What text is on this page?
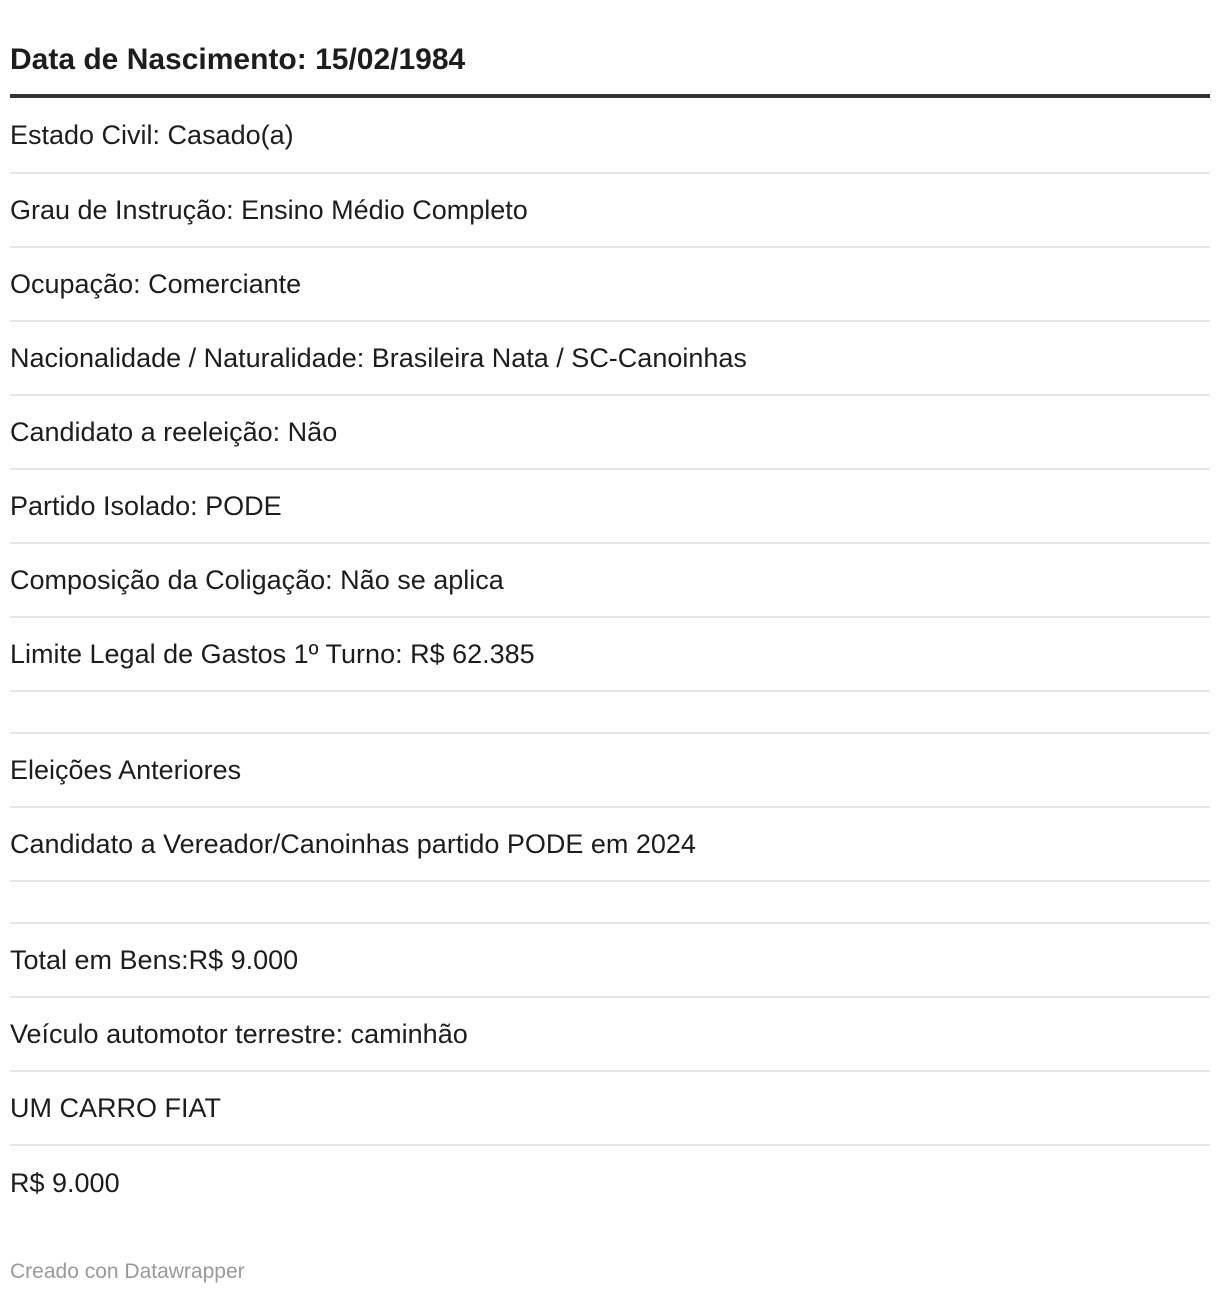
Data de Nascimento: 15/02/1984
Estado Civil: Casado(a)
Grau de Instrução: Ensino Médio Completo
Ocupação: Comerciante
Nacionalidade / Naturalidade: Brasileira Nata / SC-Canoinhas
Candidato a reeleição: Não
Partido Isolado: PODE
Composição da Coligação: Não se aplica
Limite Legal de Gastos 1º Turno: R$ 62.385
Eleições Anteriores
Candidato a Vereador/Canoinhas partido PODE em 2024
Total em Bens:R$ 9.000
Veículo automotor terrestre: caminhão
UM CARRO FIAT
R$ 9.000
Creado con Datawrapper
